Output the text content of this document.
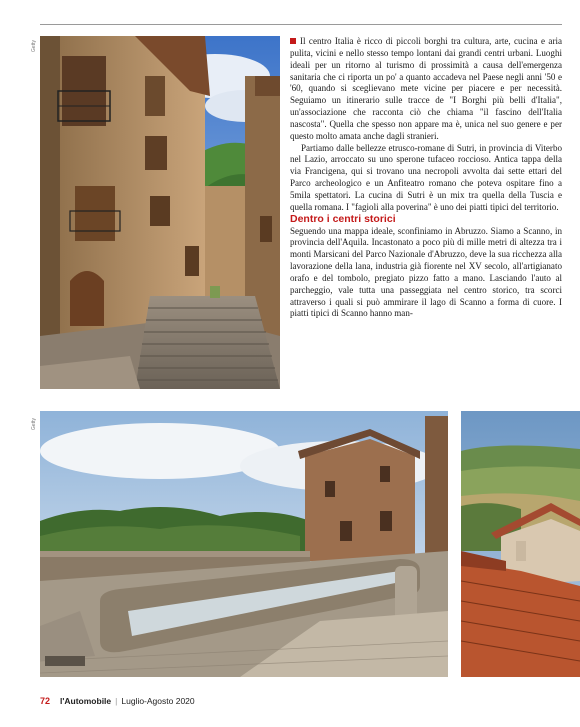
Getty
Getty

Il centro Italia è ricco di piccoli borghi tra cultura, arte, cucina e aria pulita, vicini e nello stesso tempo lontani dai grandi centri urbani. Luoghi ideali per un ritorno al turismo di prossimità a causa dell'emergenza sanitaria che ci riporta un po' a quanto accadeva nel Paese negli anni '50 e '60, quando si sceglievano mete vicine per piacere e per necessità. Seguiamo un itinerario sulle tracce de "I Borghi più belli d'Italia", un'associazione che racconta ciò che chiama "il fascino dell'Italia nascosta". Quella che spesso non appare ma è, unica nel suo genere e per questo molto amata anche dagli stranieri.

Partiamo dalle bellezze etrusco-romane di Sutri, in provincia di Viterbo nel Lazio, arroccato su uno sperone tufaceo roccioso. Antica tappa della via Francigena, qui si trovano una necropoli avvolta dai sette ettari del Parco archeologico e un Anfiteatro romano che poteva ospitare fino a 5mila spettatori. La cucina di Sutri è un mix tra quella della Tuscia e quella romana. I "fagioli alla poverina" è uno dei piatti tipici del territorio.

Dentro i centri storici

Seguendo una mappa ideale, sconfiniamo in Abruzzo. Siamo a Scanno, in provincia dell'Aquila. Incastonato a poco più di mille metri di altezza tra i monti Marsicani del Parco Nazionale d'Abruzzo, deve la sua ricchezza alla lavorazione della lana, industria già fiorente nel XV secolo, all'artigianato orafo e del tombolo, pregiato pizzo fatto a mano. Lasciando l'auto al parcheggio, vale tutta una passeggiata nel centro storico, tra scorci attraverso i quali si può ammirare il lago di Scanno a forma di cuore. I piatti tipici di Scanno hanno man-

72 l'Automobile | Luglio-Agosto 2020
